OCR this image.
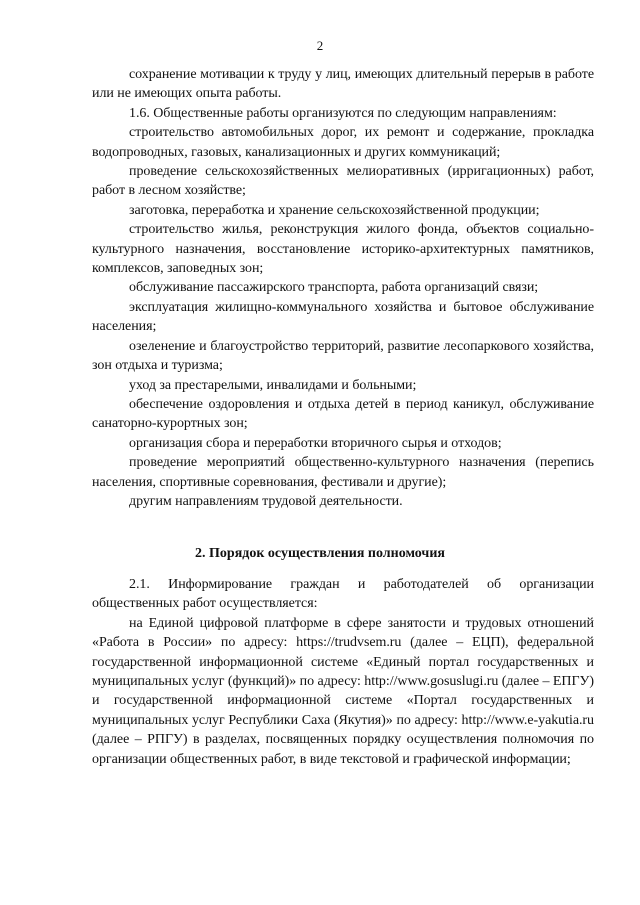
2

сохранение мотивации к труду у лиц, имеющих длительный перерыв в работе или не имеющих опыта работы.

1.6. Общественные работы организуются по следующим направлениям:

строительство автомобильных дорог, их ремонт и содержание, прокладка водопроводных, газовых, канализационных и других коммуникаций;

проведение сельскохозяйственных мелиоративных (ирригационных) работ, работ в лесном хозяйстве;

заготовка, переработка и хранение сельскохозяйственной продукции;

строительство жилья, реконструкция жилого фонда, объектов социально-культурного назначения, восстановление историко-архитектурных памятников, комплексов, заповедных зон;

обслуживание пассажирского транспорта, работа организаций связи;

эксплуатация жилищно-коммунального хозяйства и бытовое обслуживание населения;

озеленение и благоустройство территорий, развитие лесопаркового хозяйства, зон отдыха и туризма;

уход за престарелыми, инвалидами и больными;

обеспечение оздоровления и отдыха детей в период каникул, обслуживание санаторно-курортных зон;

организация сбора и переработки вторичного сырья и отходов;

проведение мероприятий общественно-культурного назначения (перепись населения, спортивные соревнования, фестивали и другие);

другим направлениям трудовой деятельности.

2. Порядок осуществления полномочия

2.1. Информирование граждан и работодателей об организации общественных работ осуществляется:

на Единой цифровой платформе в сфере занятости и трудовых отношений «Работа в России» по адресу: https://trudvsem.ru (далее – ЕЦП), федеральной государственной информационной системе «Единый портал государственных и муниципальных услуг (функций)» по адресу: http://www.gosuslugi.ru (далее – ЕПГУ) и государственной информационной системе «Портал государственных и муниципальных услуг Республики Саха (Якутия)» по адресу: http://www.e-yakutia.ru (далее – РПГУ) в разделах, посвященных порядку осуществления полномочия по организации общественных работ, в виде текстовой и графической информации;
